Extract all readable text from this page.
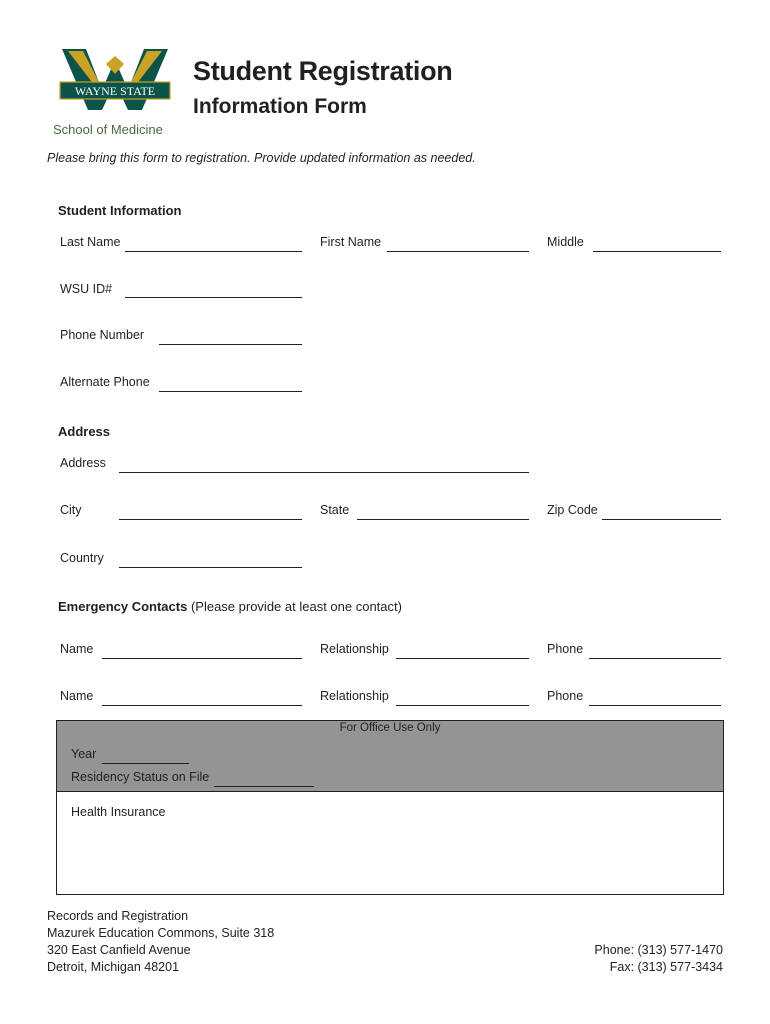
WAYNE STATE
School of Medicine
Student Registration
Information Form
Please bring this form to registration. Provide updated information as needed.
Student Information
Last Name	First Name	Middle
WSU ID#
Phone Number
Alternate Phone
Address
Address
City	State	Zip Code
Country
Emergency Contacts (Please provide at least one contact)
Name	Relationship	Phone
Name	Relationship	Phone
For Office Use Only
Year
Residency Status on File
Health Insurance
Records and Registration
Mazurek Education Commons, Suite 318
320 East Canfield Avenue
Detroit, Michigan 48201
Phone: (313) 577-1470
Fax: (313) 577-3434
